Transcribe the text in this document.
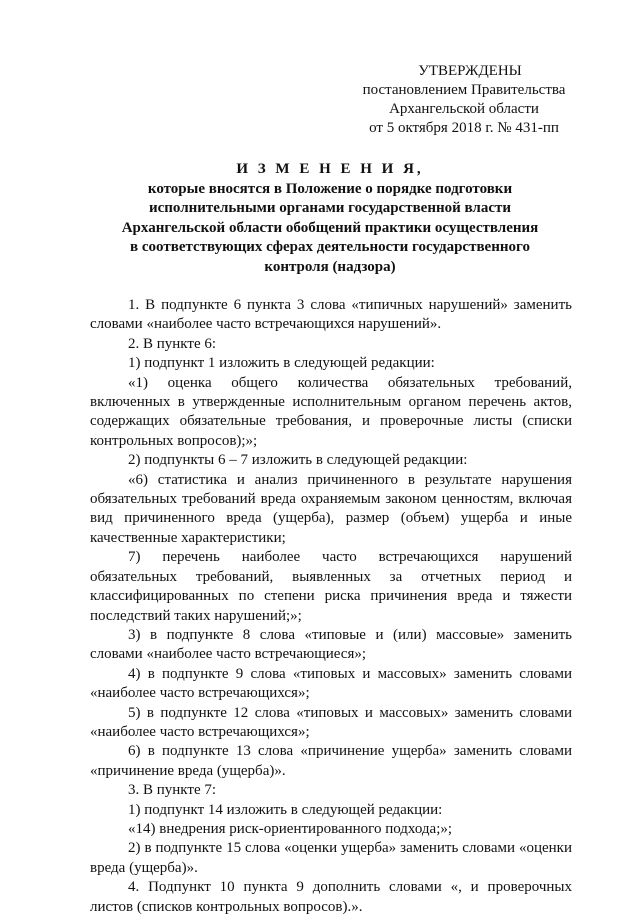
УТВЕРЖДЕНЫ
постановлением Правительства
Архангельской области
от 5 октября 2018 г. № 431-пп
И З М Е Н Е Н И Я,
которые вносятся в Положение о порядке подготовки
исполнительными органами государственной власти
Архангельской области обобщений практики осуществления
в соответствующих сферах деятельности государственного
контроля (надзора)

1. В подпункте 6 пункта 3 слова «типичных нарушений» заменить словами «наиболее часто встречающихся нарушений».

2. В пункте 6:

1) подпункт 1 изложить в следующей редакции:

«1) оценка общего количества обязательных требований, включенных в утвержденные исполнительным органом перечень актов, содержащих обязательные требования, и проверочные листы (списки контрольных вопросов);»;

2) подпункты 6 – 7 изложить в следующей редакции:

«6) статистика и анализ причиненного в результате нарушения обязательных требований вреда охраняемым законом ценностям, включая вид причиненного вреда (ущерба), размер (объем) ущерба и иные качественные характеристики;

7) перечень наиболее часто встречающихся нарушений обязательных требований, выявленных за отчетных период и классифицированных по степени риска причинения вреда и тяжести последствий таких нарушений;»;

3) в подпункте 8 слова «типовые и (или) массовые» заменить словами «наиболее часто встречающиеся»;

4) в подпункте 9 слова «типовых и массовых» заменить словами «наиболее часто встречающихся»;

5) в подпункте 12 слова «типовых и массовых» заменить словами «наиболее часто встречающихся»;

6) в подпункте 13 слова «причинение ущерба» заменить словами «причинение вреда (ущерба)».

3. В пункте 7:

1) подпункт 14 изложить в следующей редакции:

«14) внедрения риск-ориентированного подхода;»;

2) в подпункте 15 слова «оценки ущерба» заменить словами «оценки вреда (ущерба)».

4. Подпункт 10 пункта 9 дополнить словами «, и проверочных листов (списков контрольных вопросов).».
